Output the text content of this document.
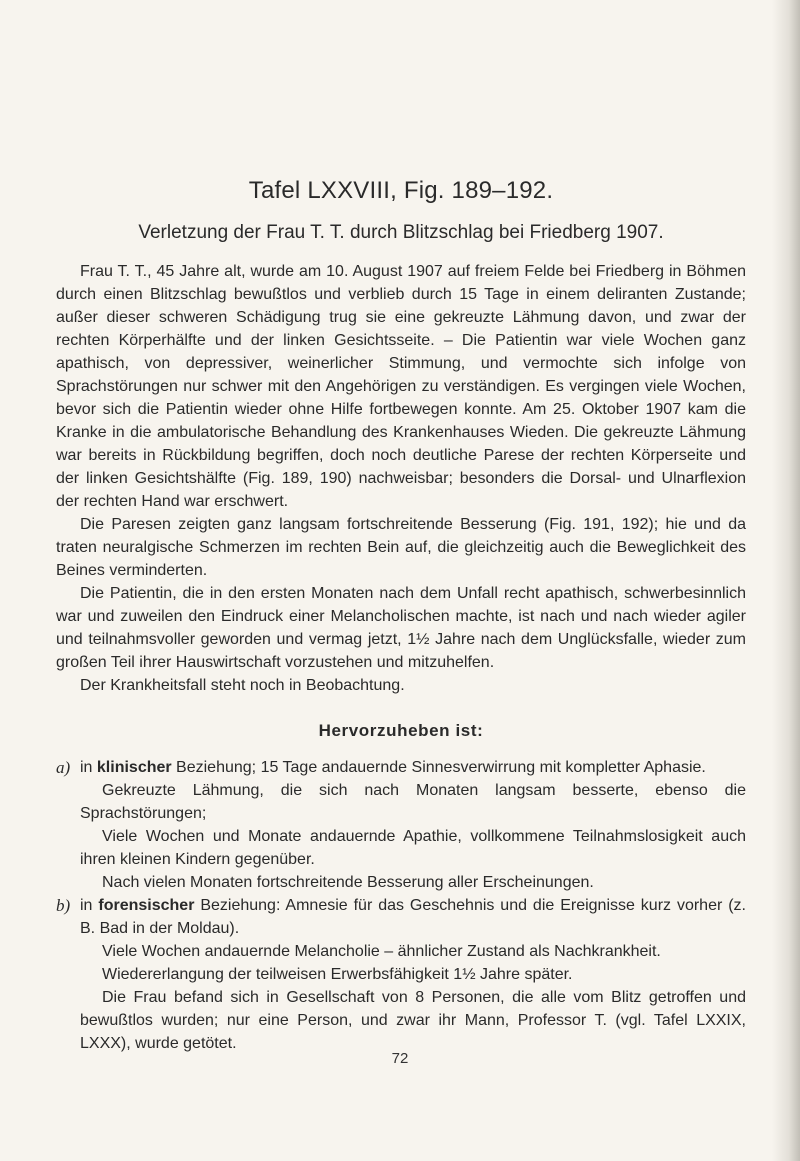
Tafel LXXVIII, Fig. 189–192.
Verletzung der Frau T. T. durch Blitzschlag bei Friedberg 1907.

Frau T. T., 45 Jahre alt, wurde am 10. August 1907 auf freiem Felde bei Friedberg in Böhmen durch einen Blitzschlag bewußtlos und verblieb durch 15 Tage in einem deliranten Zustande; außer dieser schweren Schädigung trug sie eine gekreuzte Lähmung davon, und zwar der rechten Körperhälfte und der linken Gesichtsseite. – Die Patientin war viele Wochen ganz apathisch, von depressiver, weinerlicher Stimmung, und vermochte sich infolge von Sprachstörungen nur schwer mit den Angehörigen zu verständigen. Es vergingen viele Wochen, bevor sich die Patientin wieder ohne Hilfe fortbewegen konnte. Am 25. Oktober 1907 kam die Kranke in die ambulatorische Behandlung des Krankenhauses Wieden. Die gekreuzte Lähmung war bereits in Rückbildung begriffen, doch noch deutliche Parese der rechten Körperseite und der linken Gesichtshälfte (Fig. 189, 190) nachweisbar; besonders die Dorsal- und Ulnarflexion der rechten Hand war erschwert.

Die Paresen zeigten ganz langsam fortschreitende Besserung (Fig. 191, 192); hie und da traten neuralgische Schmerzen im rechten Bein auf, die gleichzeitig auch die Beweglichkeit des Beines verminderten.

Die Patientin, die in den ersten Monaten nach dem Unfall recht apathisch, schwerbesinnlich war und zuweilen den Eindruck einer Melancholischen machte, ist nach und nach wieder agiler und teilnahmsvoller geworden und vermag jetzt, 1½ Jahre nach dem Unglücksfalle, wieder zum großen Teil ihrer Hauswirtschaft vorzustehen und mitzuhelfen.

Der Krankheitsfall steht noch in Beobachtung.

Hervorzuheben ist:
a) in klinischer Beziehung; 15 Tage andauernde Sinnesverwirrung mit kompletter Aphasie.

Gekreuzte Lähmung, die sich nach Monaten langsam besserte, ebenso die Sprachstörungen;

Viele Wochen und Monate andauernde Apathie, vollkommene Teilnahmslosigkeit auch ihren kleinen Kindern gegenüber.

Nach vielen Monaten fortschreitende Besserung aller Erscheinungen.

b) in forensischer Beziehung: Amnesie für das Geschehnis und die Ereignisse kurz vorher (z. B. Bad in der Moldau).

Viele Wochen andauernde Melancholie – ähnlicher Zustand als Nachkrankheit.

Wiedererlangung der teilweisen Erwerbsfähigkeit 1½ Jahre später.

Die Frau befand sich in Gesellschaft von 8 Personen, die alle vom Blitz getroffen und bewußtlos wurden; nur eine Person, und zwar ihr Mann, Professor T. (vgl. Tafel LXXIX, LXXX), wurde getötet.

72
